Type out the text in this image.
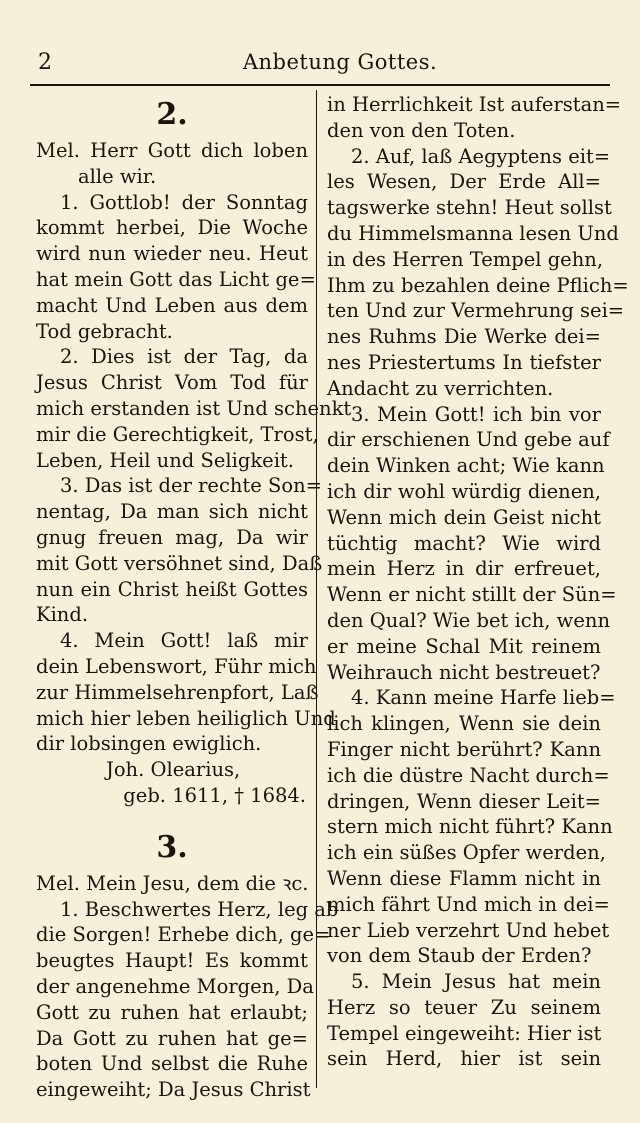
2	Anbetung Gottes.
2.
Mel. Herr Gott dich loben
alle wir.
1. Gottlob! der Sonntag
kommt herbei, Die Woche
wird nun wieder neu. Heut
hat mein Gott das Licht ge=
macht Und Leben aus dem
Tod gebracht.
2. Dies ist der Tag, da
Jesus Christ Vom Tod für
mich erstanden ist Und schenkt
mir die Gerechtigkeit, Trost,
Leben, Heil und Seligkeit.
3. Das ist der rechte Son=
nentag, Da man sich nicht
gnug freuen mag, Da wir
mit Gott versöhnet sind, Daß
nun ein Christ heißt Gottes
Kind.
4. Mein Gott! laß mir
dein Lebenswort, Führ mich
zur Himmelsehrenpfort, Laß
mich hier leben heiliglich Und
dir lobsingen ewiglich.
Joh. Olearius,
geb. 1611, † 1684.
3.
Mel. Mein Jesu, dem die ꝛc.
1. Beschwertes Herz, leg ab
die Sorgen! Erhebe dich, ge=
beugtes Haupt! Es kommt
der angenehme Morgen, Da
Gott zu ruhen hat erlaubt;
Da Gott zu ruhen hat ge=
boten Und selbst die Ruhe
eingeweiht; Da Jesus Christ
in Herrlichkeit Ist auferstan=
den von den Toten.
2. Auf, laß Aegyptens eit=
les Wesen, Der Erde All=
tagswerke stehn! Heut sollst
du Himmelsmanna lesen Und
in des Herren Tempel gehn,
Ihm zu bezahlen deine Pflich=
ten Und zur Vermehrung sei=
nes Ruhms Die Werke dei=
nes Priestertums In tiefster
Andacht zu verrichten.
3. Mein Gott! ich bin vor
dir erschienen Und gebe auf
dein Winken acht; Wie kann
ich dir wohl würdig dienen,
Wenn mich dein Geist nicht
tüchtig macht? Wie wird
mein Herz in dir erfreuet,
Wenn er nicht stillt der Sün=
den Qual? Wie bet ich, wenn
er meine Schal Mit reinem
Weihrauch nicht bestreuet?
4. Kann meine Harfe lieb=
lich klingen, Wenn sie dein
Finger nicht berührt? Kann
ich die düstre Nacht durch=
dringen, Wenn dieser Leit=
stern mich nicht führt? Kann
ich ein süßes Opfer werden,
Wenn diese Flamm nicht in
mich fährt Und mich in dei=
ner Lieb verzehrt Und hebet
von dem Staub der Erden?
5. Mein Jesus hat mein
Herz so teuer Zu seinem
Tempel eingeweiht: Hier ist
sein Herd, hier ist sein
